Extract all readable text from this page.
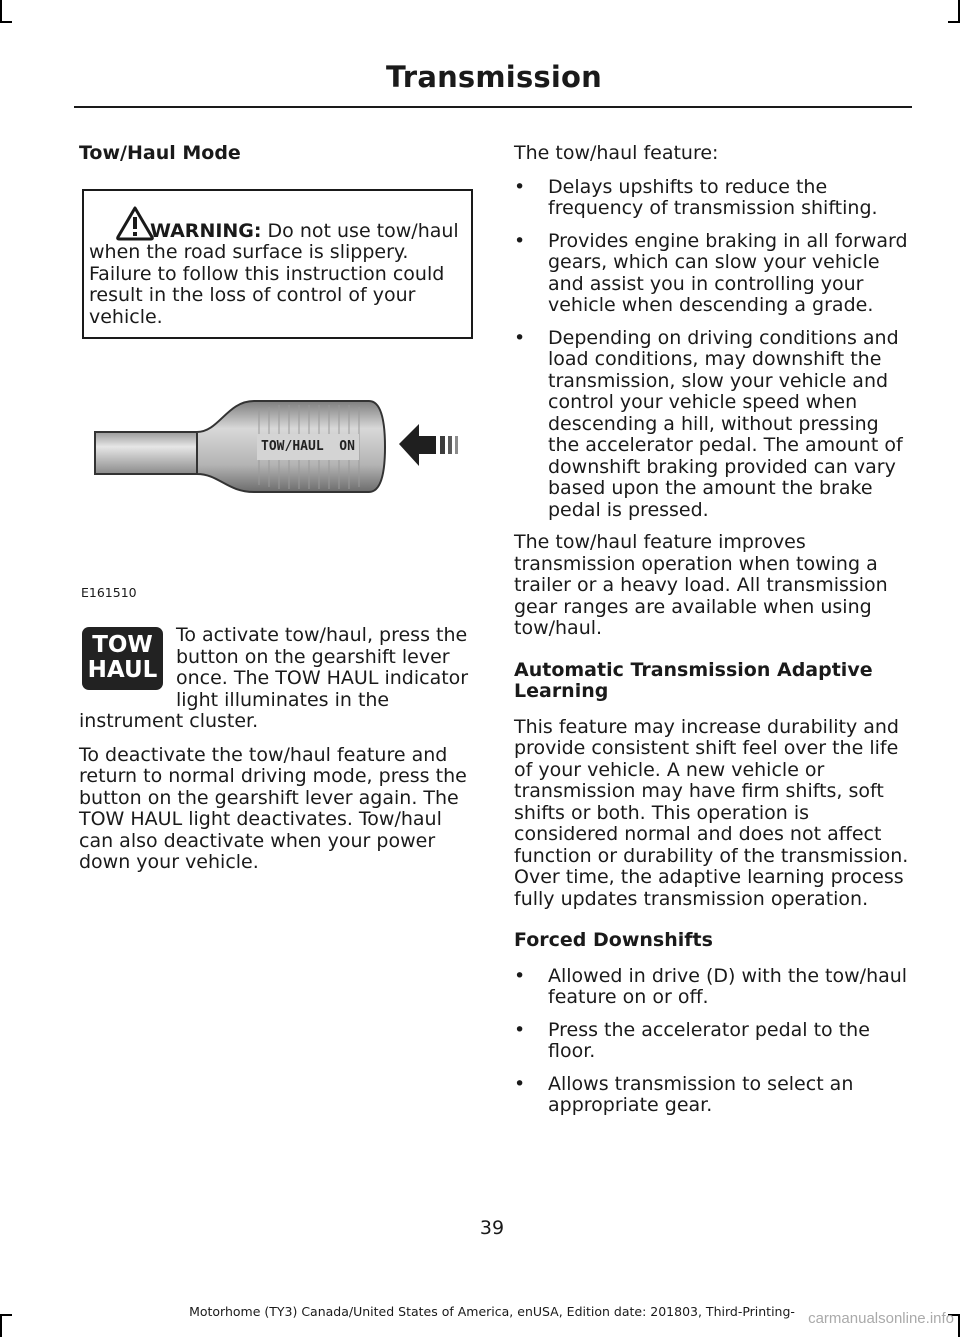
Transmission
Tow/Haul Mode

WARNING: Do not use tow/haul when the road surface is slippery. Failure to follow this instruction could result in the loss of control of your vehicle.

TOW/HAUL  ON
E161510
TOW
HAUL

To activate tow/haul, press the button on the gearshift lever once. The TOW HAUL indicator light illuminates in the instrument cluster.

To deactivate the tow/haul feature and return to normal driving mode, press the button on the gearshift lever again. The TOW HAUL light deactivates. Tow/haul can also deactivate when your power down your vehicle.

The tow/haul feature:

• Delays upshifts to reduce the frequency of transmission shifting.
• Provides engine braking in all forward gears, which can slow your vehicle and assist you in controlling your vehicle when descending a grade.
• Depending on driving conditions and load conditions, may downshift the transmission, slow your vehicle and control your vehicle speed when descending a hill, without pressing the accelerator pedal. The amount of downshift braking provided can vary based upon the amount the brake pedal is pressed.

The tow/haul feature improves transmission operation when towing a trailer or a heavy load. All transmission gear ranges are available when using tow/haul.

Automatic Transmission Adaptive Learning

This feature may increase durability and provide consistent shift feel over the life of your vehicle. A new vehicle or transmission may have firm shifts, soft shifts or both. This operation is considered normal and does not affect function or durability of the transmission. Over time, the adaptive learning process fully updates transmission operation.

Forced Downshifts
• Allowed in drive (D) with the tow/haul feature on or off.
• Press the accelerator pedal to the floor.
• Allows transmission to select an appropriate gear.
39
Motorhome (TY3) Canada/United States of America, enUSA, Edition date: 201803, Third-Printing- carmanualsonline.info
